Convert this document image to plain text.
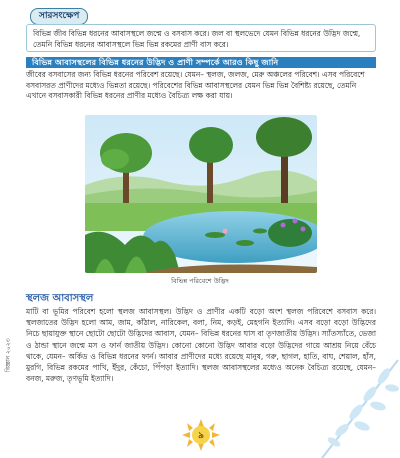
সারসংক্ষেপ
বিভিন্ন জীব বিভিন্ন ধরনের আবাসস্থলে জন্মে ও বসবাস করে। জল বা স্থলভেদে যেমন বিভিন্ন ধরনের উদ্ভিদ জন্মে, তেমনি বিভিন্ন ধরনের আবাসস্থলে ভিন্ন ভিন্ন রকমের প্রাণী বাস করে।
বিভিন্ন আবাসস্থলের বিভিন্ন ধরনের উদ্ভিদ ও প্রাণী সম্পর্কে আরও কিছু জানি
জীবের বসবাসের জন্য বিভিন্ন ধরনের পরিবেশ রয়েছে। যেমন– স্থলজ, জলজ, মেরু অঞ্চলের পরিবেশ। এসব পরিবেশে বসবাসরত প্রাণীদের মধ্যেও ভিন্নতা রয়েছে। পরিবেশের বিভিন্ন আবাসস্থলের যেমন ভিন্ন ভিন্ন বৈশিষ্ট্য রয়েছে, তেমনি এখানে বসবাসকারী বিভিন্ন ধরনের প্রাণীর মধ্যেও বৈচিত্র্য লক্ষ করা যায়।
বিভিন্ন পরিবেশে উদ্ভিদ
স্থলজ আবাসস্থল
মাটি বা ভূমির পরিবেশ হলো স্থলজ আবাসস্থল। উদ্ভিদ ও প্রাণীর একটি বড়ো অংশ স্থলজ পরিবেশে বসবাস করে। স্থলজাতের উদ্ভিদ হলো আম, জাম, কাঁঠাল, নারিকেল, বলা, নিম, কড়ই, মেহগনি ইত্যাদি। এসব বড়ো বড়ো উদ্ভিদের নিচে ছায়াযুক্ত স্থানে ছোটো ছোটো উদ্ভিদের আবাস, যেমন– বিভিন্ন ধরনের ঘাস বা তৃণজাতীয় উদ্ভিদ। স্যাঁতস্যাঁতে, ভেজা ও ঠান্ডা স্থানে জন্মে মস ও ফার্ন জাতীয় উদ্ভিদ। কোনো কোনো উদ্ভিদ আবার বড়ো উদ্ভিদের গায়ে আশ্রয় নিয়ে বেঁচে থাকে, যেমন– অর্কিড ও বিভিন্ন ধরনের ফার্ন। আবার প্রাণীদের মধ্যে রয়েছে মানুষ, গরু, ছাগল, হাতি, বাঘ, শেয়াল, হাঁস, মুরগি, বিভিন্ন রকমের পাখি, ইঁদুর, কেঁচো, পিঁপড়া ইত্যাদি। স্থলজ আবাসস্থলের মধ্যেও অনেক বৈচিত্র্য রয়েছে, যেমন– বনজ, মরুজ, তৃণভূমি ইত্যাদি।
বিজ্ঞান ২০২৩
৯
